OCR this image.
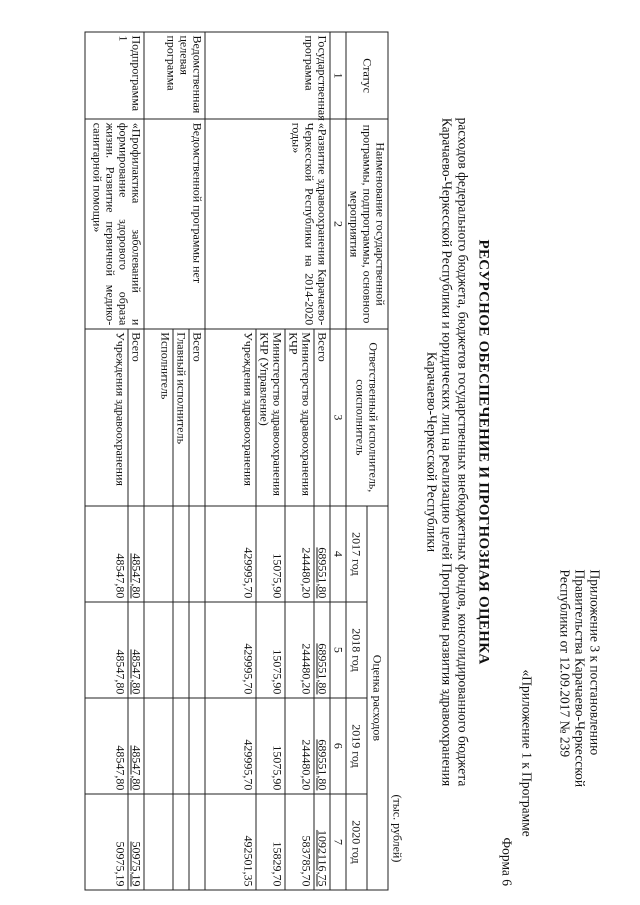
Приложение 3 к постановлению
Правительства Карачаево-Черкесской
Республики от 12.09.2017 № 239
«Приложение 1 к Программе
Форма 6
РЕСУРСНОЕ ОБЕСПЕЧЕНИЕ И ПРОГНОЗНАЯ ОЦЕНКА
расходов федерального бюджета, бюджетов государственных внебюджетных фондов, консолидированного бюджета
Карачаево-Черкесской Республики и юридических лиц на реализацию целей Программы развития здравоохранения
Карачаево-Черкесской Республики
(тыс. рублей)
Статус	Наименование государственной программы, подпрограммы, основного мероприятия	Ответственный исполнитель, соисполнитель	Оценка расходов			
			2017 год	2018 год	2019 год	2020 год
1	2	3	4	5	6	7
Государственная программа	«Развитие здравоохранения Карачаево-Черкесской Республики на 2014-2020 годы»	Всего	689551,80	689551,80	689551,80	1092116,75
		Министерство здравоохранения КЧР	244480,20	244480,20	244480,20	583785,70
		Министерство здравоохранения КЧР (Управление)	15075,90	15075,90	15075,90	15829,70
		Учреждения здравоохранения	429995,70	429995,70	429995,70	492501,35
Ведомственная целевая программа	Ведомственной программы нет	Всего				
		Главный исполнитель				
		Исполнитель				
Подпрограмма 1	«Профилактика заболеваний и формирование здорового образа жизни. Развитие первичной медико-санитарной помощи»	Всего	48547,80	48547,80	48547,80	50975,19
		Учреждения здравоохранения	48547,80	48547,80	48547,80	50975,19
